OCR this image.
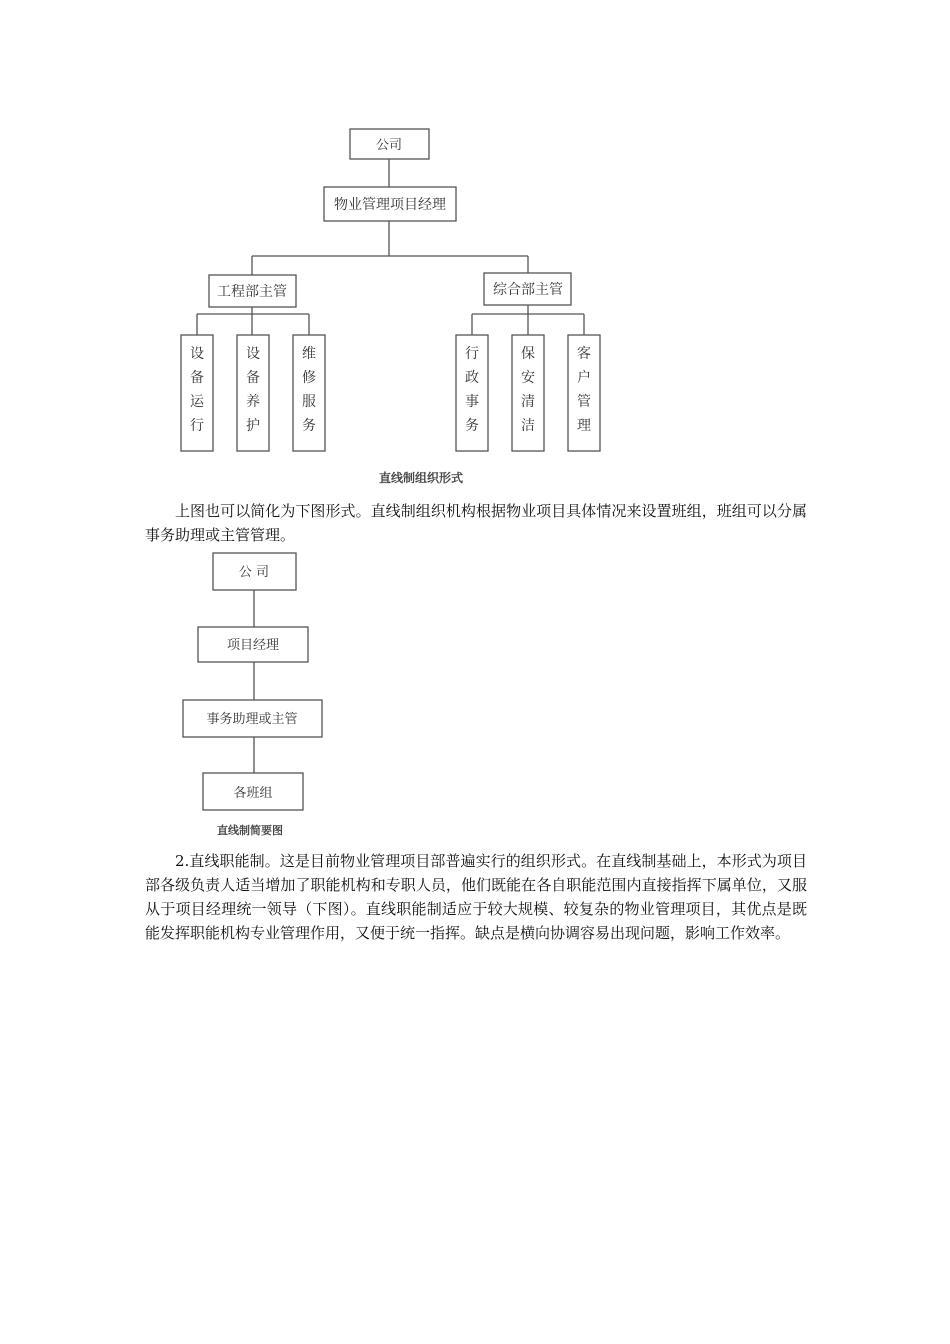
公司
物业管理项目经理
工程部主管	综合部主管
设
备
运
行
设
备
养
护
维
修
服
务
行
政
事
务
保
安
清
洁
客
户
管
理
直线制组织形式
公 司
项目经理
事务助理或主管
各班组
直线制简要图

上图也可以简化为下图形式。直线制组织机构根据物业项目具体情况来设置班组，班组可以分属事务助理或主管管理。

2.直线职能制。这是目前物业管理项目部普遍实行的组织形式。在直线制基础上，本形式为项目部各级负责人适当增加了职能机构和专职人员，他们既能在各自职能范围内直接指挥下属单位，又服从于项目经理统一领导（下图）。直线职能制适应于较大规模、较复杂的物业管理项目，其优点是既能发挥职能机构专业管理作用，又便于统一指挥。缺点是横向协调容易出现问题，影响工作效率。
